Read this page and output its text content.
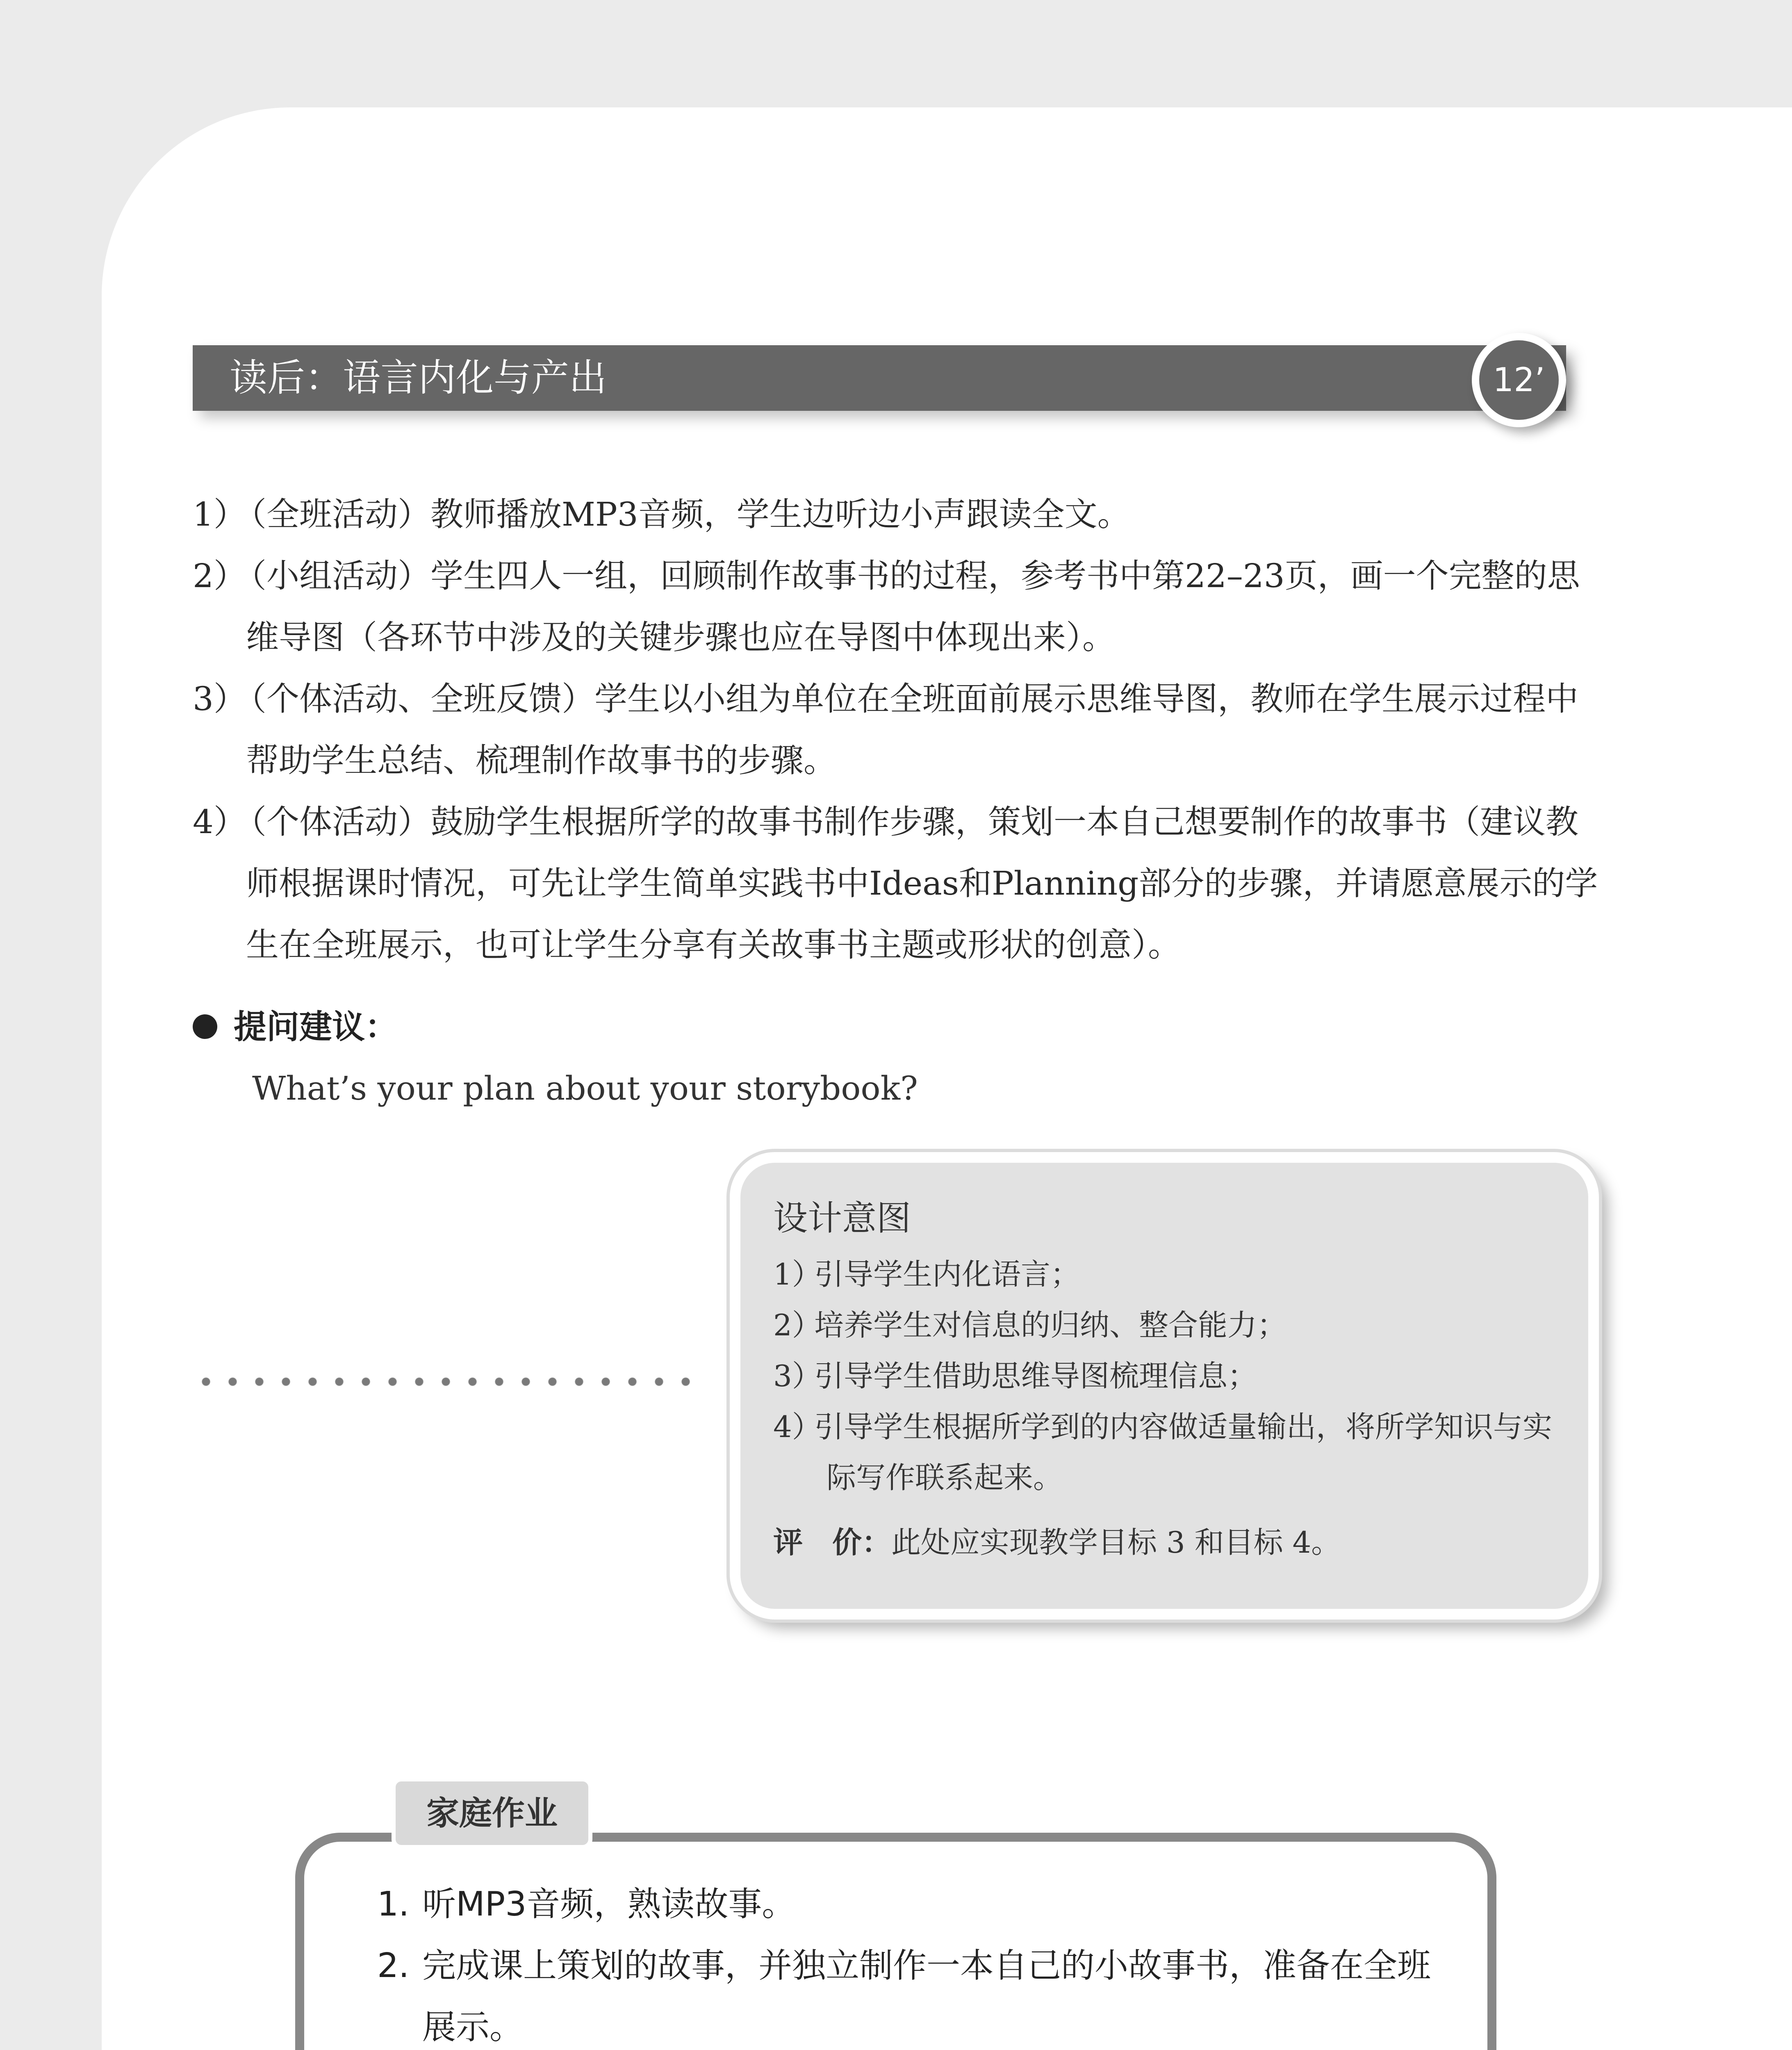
读后：语言内化与产出	12’
1）（全班活动）教师播放MP3音频，学生边听边小声跟读全文。
2）（小组活动）学生四人一组，回顾制作故事书的过程，参考书中第22–23页，画一个完整的思维导图（各环节中涉及的关键步骤也应在导图中体现出来）。
3）（个体活动、全班反馈）学生以小组为单位在全班面前展示思维导图，教师在学生展示过程中帮助学生总结、梳理制作故事书的步骤。
4）（个体活动）鼓励学生根据所学的故事书制作步骤，策划一本自己想要制作的故事书（建议教师根据课时情况，可先让学生简单实践书中Ideas和Planning部分的步骤，并请愿意展示的学生在全班展示，也可让学生分享有关故事书主题或形状的创意）。
提问建议：
What’s your plan about your storybook?
设计意图
1）引导学生内化语言；
2）培养学生对信息的归纳、整合能力；
3）引导学生借助思维导图梳理信息；
4）引导学生根据所学到的内容做适量输出，将所学知识与实际写作联系起来。
评　价：此处应实现教学目标 3 和目标 4。
家庭作业
1. 听MP3音频，熟读故事。
2. 完成课上策划的故事，并独立制作一本自己的小故事书，准备在全班展示。
